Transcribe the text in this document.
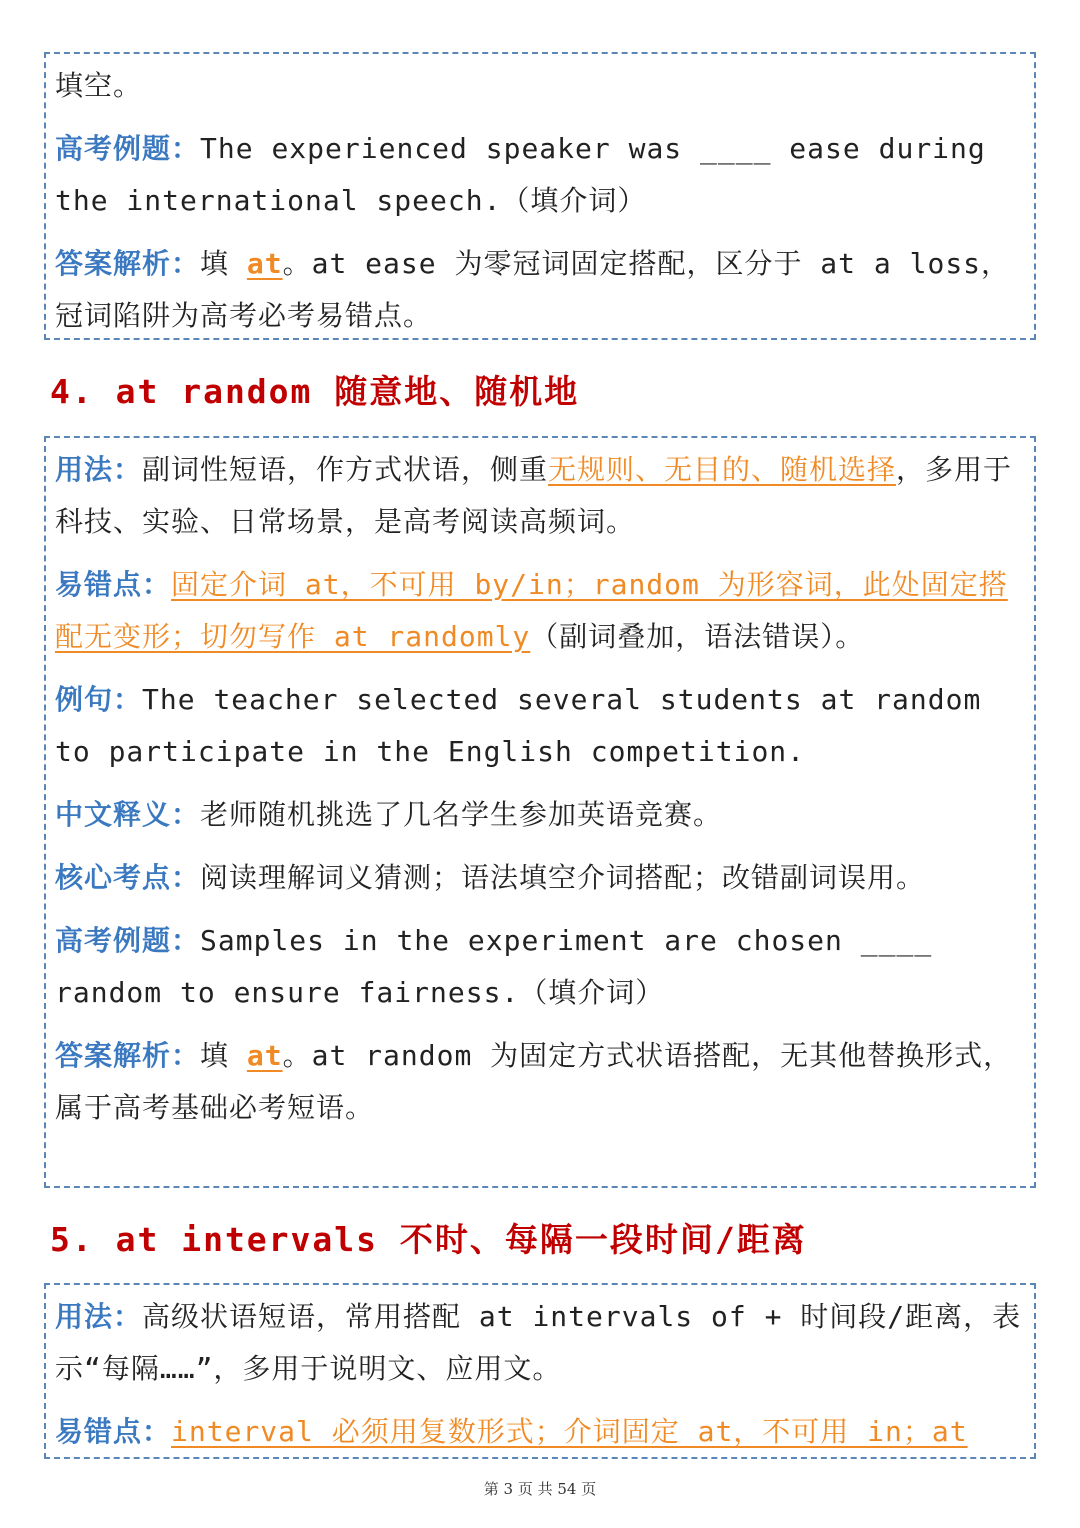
填空。

高考例题：The experienced speaker was ____ ease during the international speech.（填介词）

答案解析：填 at。at ease 为零冠词固定搭配，区分于 at a loss，冠词陷阱为高考必考易错点。

4. at random 随意地、随机地

用法：副词性短语，作方式状语，侧重无规则、无目的、随机选择，多用于科技、实验、日常场景，是高考阅读高频词。

易错点：固定介词 at，不可用 by/in；random 为形容词，此处固定搭配无变形；切勿写作 at randomly（副词叠加，语法错误）。

例句：The teacher selected several students at random to participate in the English competition.

中文释义：老师随机挑选了几名学生参加英语竞赛。

核心考点：阅读理解词义猜测；语法填空介词搭配；改错副词误用。

高考例题：Samples in the experiment are chosen ____ random to ensure fairness.（填介词）

答案解析：填 at。at random 为固定方式状语搭配，无其他替换形式，属于高考基础必考短语。

5. at intervals 不时、每隔一段时间/距离

用法：高级状语短语，常用搭配 at intervals of + 时间段/距离，表示“每隔……”，多用于说明文、应用文。

易错点：interval 必须用复数形式；介词固定 at，不可用 in；at

第 3 页 共 54 页
